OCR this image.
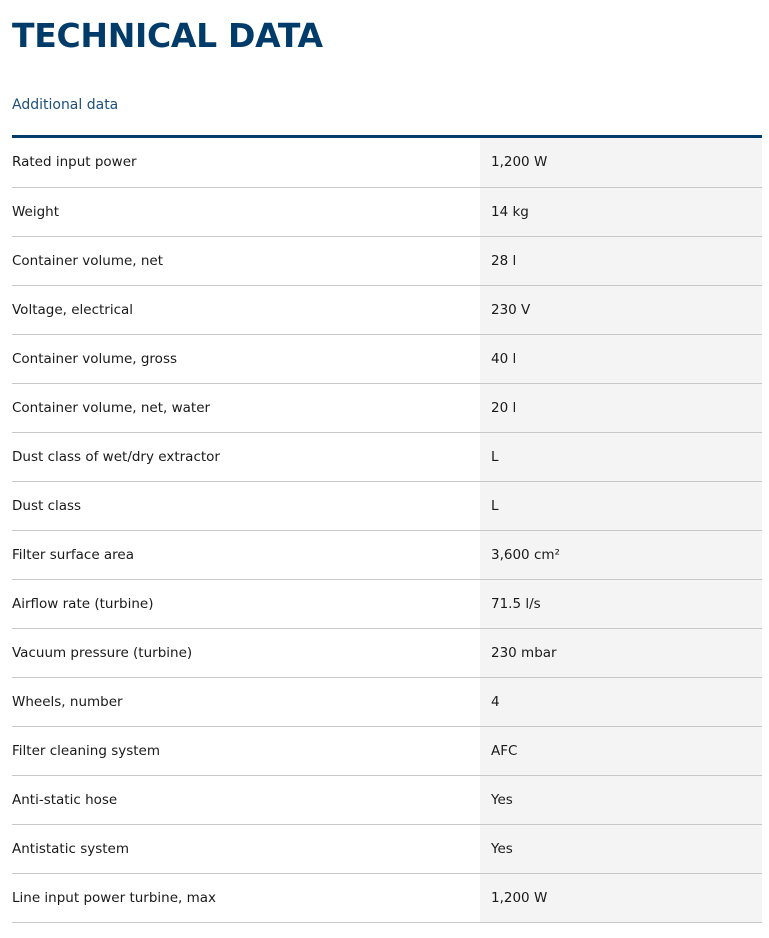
TECHNICAL DATA
Additional data
Rated input power	1,200 W
Weight	14 kg
Container volume, net	28 l
Voltage, electrical	230 V
Container volume, gross	40 l
Container volume, net, water	20 l
Dust class of wet/dry extractor	L
Dust class	L
Filter surface area	3,600 cm²
Airflow rate (turbine)	71.5 l/s
Vacuum pressure (turbine)	230 mbar
Wheels, number	4
Filter cleaning system	AFC
Anti-static hose	Yes
Antistatic system	Yes
Line input power turbine, max	1,200 W
